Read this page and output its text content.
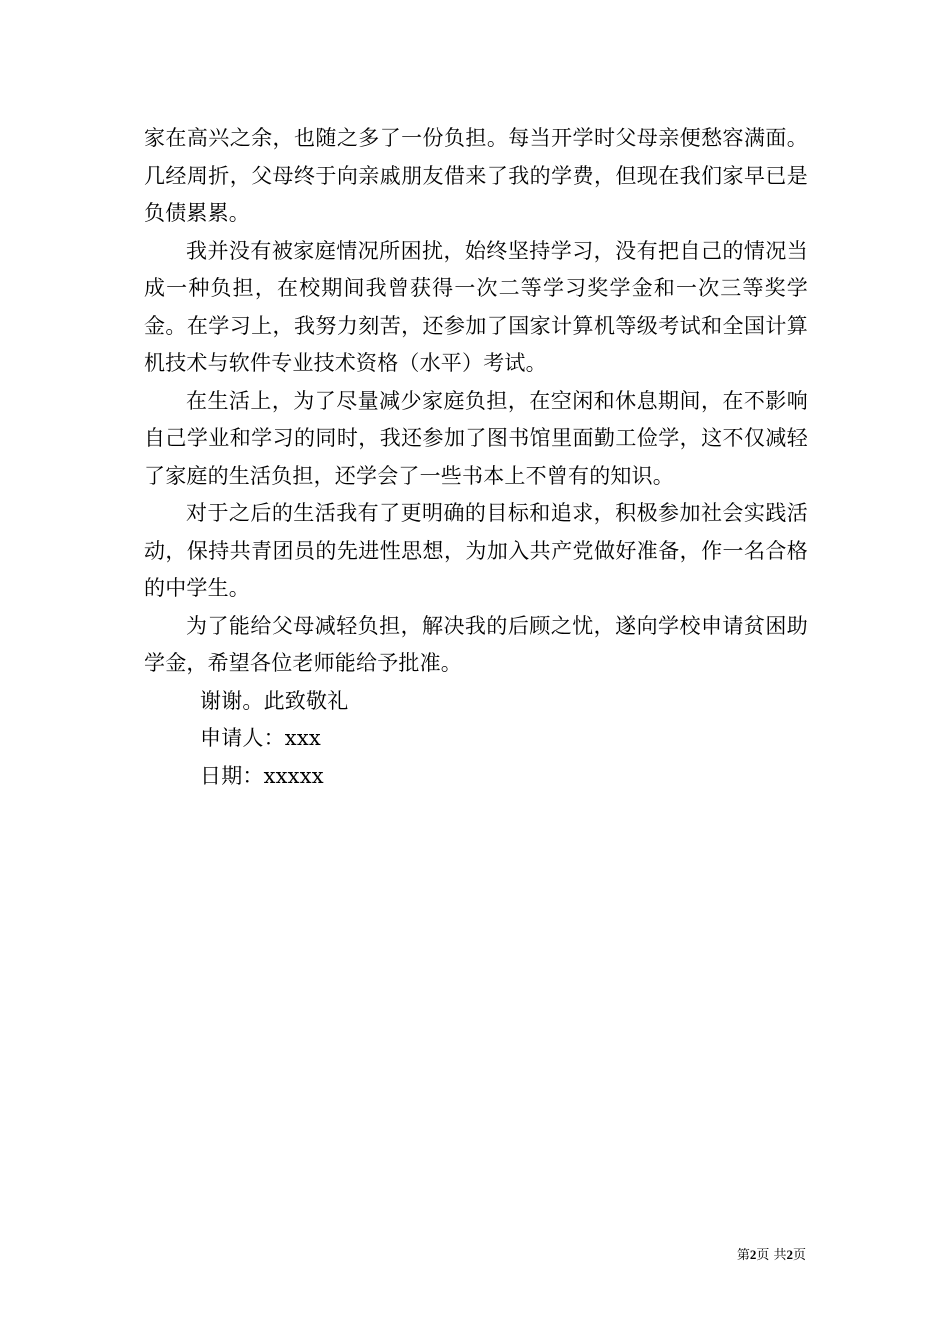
家在高兴之余，也随之多了一份负担。每当开学时父母亲便愁容满面。几经周折，父母终于向亲戚朋友借来了我的学费，但现在我们家早已是负债累累。

我并没有被家庭情况所困扰，始终坚持学习，没有把自己的情况当成一种负担，在校期间我曾获得一次二等学习奖学金和一次三等奖学金。在学习上，我努力刻苦，还参加了国家计算机等级考试和全国计算机技术与软件专业技术资格（水平）考试。

在生活上，为了尽量减少家庭负担，在空闲和休息期间，在不影响自己学业和学习的同时，我还参加了图书馆里面勤工俭学，这不仅减轻了家庭的生活负担，还学会了一些书本上不曾有的知识。

对于之后的生活我有了更明确的目标和追求，积极参加社会实践活动，保持共青团员的先进性思想，为加入共产党做好准备，作一名合格的中学生。

为了能给父母减轻负担，解决我的后顾之忧，遂向学校申请贫困助学金，希望各位老师能给予批准。

谢谢。此致敬礼

申请人：xxx

日期：xxxxx

第2页 共2页
